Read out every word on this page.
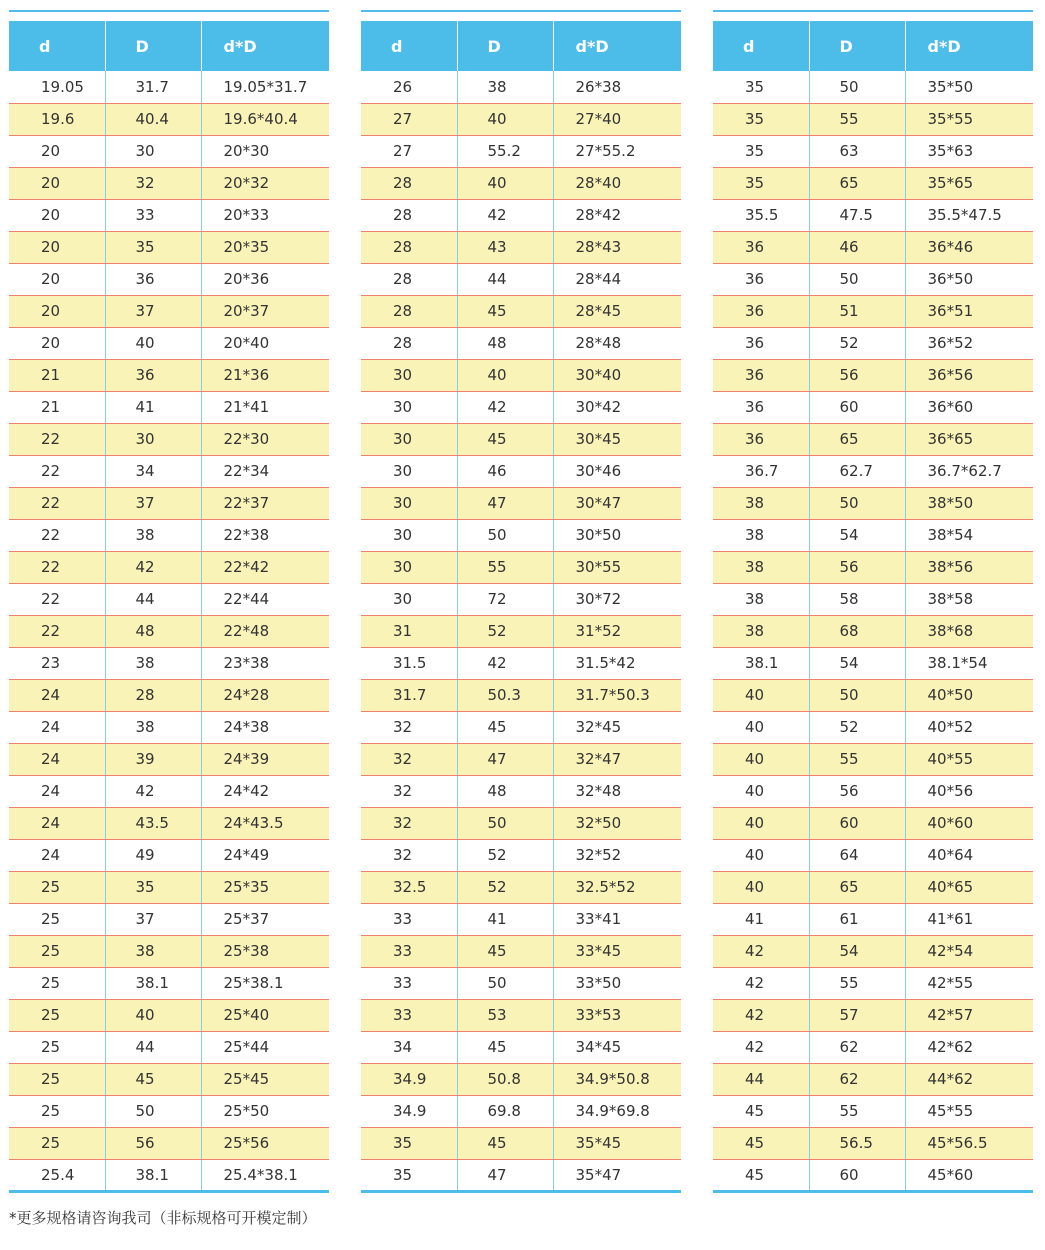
d	D	d*D
19.05	31.7	19.05*31.7
19.6	40.4	19.6*40.4
20	30	20*30
20	32	20*32
20	33	20*33
20	35	20*35
20	36	20*36
20	37	20*37
20	40	20*40
21	36	21*36
21	41	21*41
22	30	22*30
22	34	22*34
22	37	22*37
22	38	22*38
22	42	22*42
22	44	22*44
22	48	22*48
23	38	23*38
24	28	24*28
24	38	24*38
24	39	24*39
24	42	24*42
24	43.5	24*43.5
24	49	24*49
25	35	25*35
25	37	25*37
25	38	25*38
25	38.1	25*38.1
25	40	25*40
25	44	25*44
25	45	25*45
25	50	25*50
25	56	25*56
25.4	38.1	25.4*38.1
d	D	d*D
26	38	26*38
27	40	27*40
27	55.2	27*55.2
28	40	28*40
28	42	28*42
28	43	28*43
28	44	28*44
28	45	28*45
28	48	28*48
30	40	30*40
30	42	30*42
30	45	30*45
30	46	30*46
30	47	30*47
30	50	30*50
30	55	30*55
30	72	30*72
31	52	31*52
31.5	42	31.5*42
31.7	50.3	31.7*50.3
32	45	32*45
32	47	32*47
32	48	32*48
32	50	32*50
32	52	32*52
32.5	52	32.5*52
33	41	33*41
33	45	33*45
33	50	33*50
33	53	33*53
34	45	34*45
34.9	50.8	34.9*50.8
34.9	69.8	34.9*69.8
35	45	35*45
35	47	35*47
d	D	d*D
35	50	35*50
35	55	35*55
35	63	35*63
35	65	35*65
35.5	47.5	35.5*47.5
36	46	36*46
36	50	36*50
36	51	36*51
36	52	36*52
36	56	36*56
36	60	36*60
36	65	36*65
36.7	62.7	36.7*62.7
38	50	38*50
38	54	38*54
38	56	38*56
38	58	38*58
38	68	38*68
38.1	54	38.1*54
40	50	40*50
40	52	40*52
40	55	40*55
40	56	40*56
40	60	40*60
40	64	40*64
40	65	40*65
41	61	41*61
42	54	42*54
42	55	42*55
42	57	42*57
42	62	42*62
44	62	44*62
45	55	45*55
45	56.5	45*56.5
45	60	45*60
*更多规格请咨询我司（非标规格可开模定制）
